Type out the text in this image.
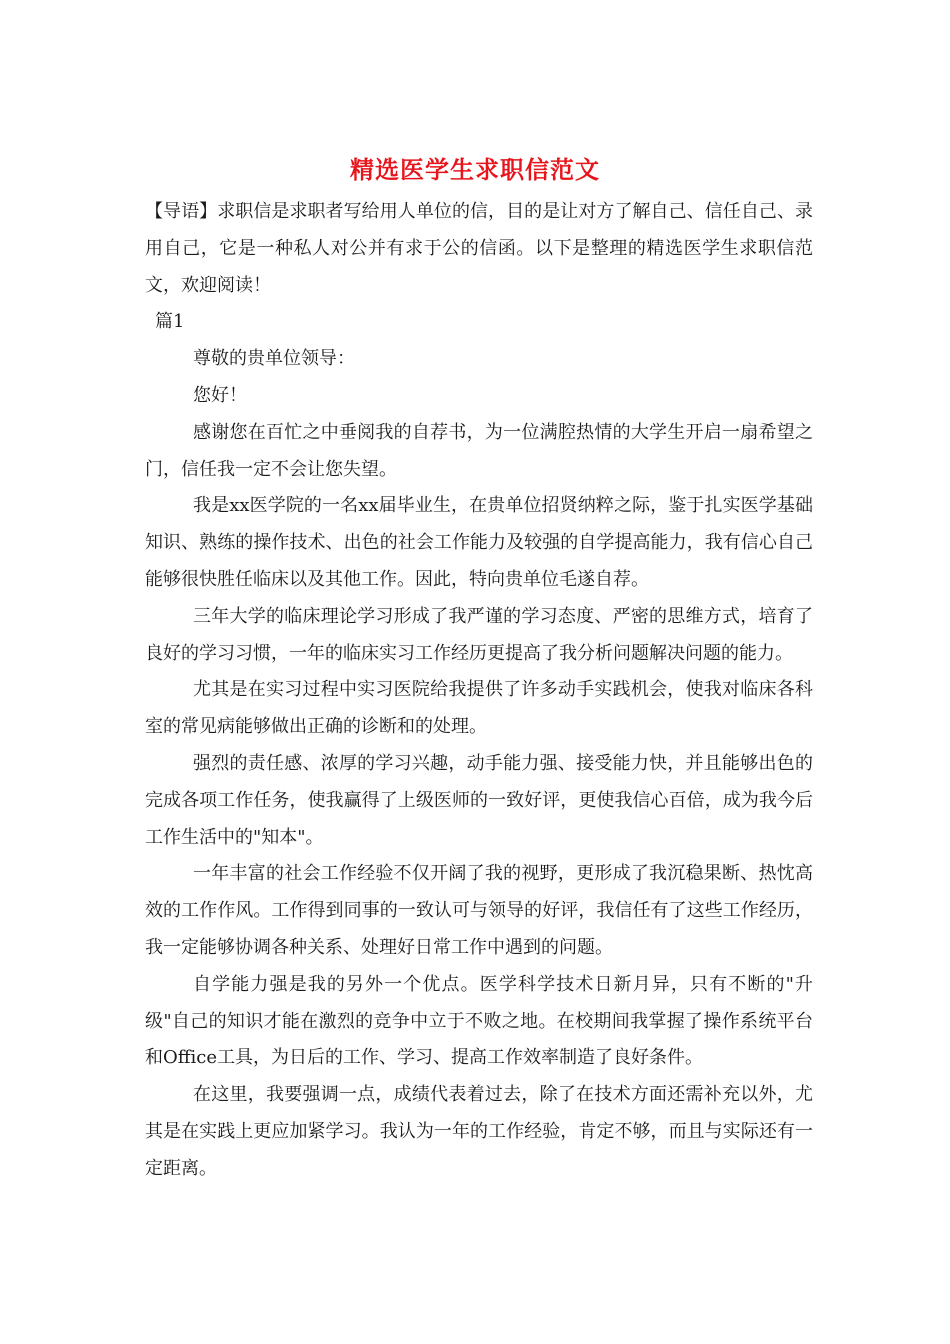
精选医学生求职信范文

【导语】求职信是求职者写给用人单位的信，目的是让对方了解自己、信任自己、录用自己，它是一种私人对公并有求于公的信函。以下是整理的精选医学生求职信范文，欢迎阅读！

篇1

尊敬的贵单位领导：

您好！

感谢您在百忙之中垂阅我的自荐书，为一位满腔热情的大学生开启一扇希望之门，信任我一定不会让您失望。

我是xx医学院的一名xx届毕业生，在贵单位招贤纳粹之际，鉴于扎实医学基础知识、熟练的操作技术、出色的社会工作能力及较强的自学提高能力，我有信心自己能够很快胜任临床以及其他工作。因此，特向贵单位毛遂自荐。

三年大学的临床理论学习形成了我严谨的学习态度、严密的思维方式，培育了良好的学习习惯，一年的临床实习工作经历更提高了我分析问题解决问题的能力。

尤其是在实习过程中实习医院给我提供了许多动手实践机会，使我对临床各科室的常见病能够做出正确的诊断和的处理。

强烈的责任感、浓厚的学习兴趣，动手能力强、接受能力快，并且能够出色的完成各项工作任务，使我赢得了上级医师的一致好评，更使我信心百倍，成为我今后工作生活中的"知本"。

一年丰富的社会工作经验不仅开阔了我的视野，更形成了我沉稳果断、热忱高效的工作作风。工作得到同事的一致认可与领导的好评，我信任有了这些工作经历，我一定能够协调各种关系、处理好日常工作中遇到的问题。

自学能力强是我的另外一个优点。医学科学技术日新月异，只有不断的"升级"自己的知识才能在激烈的竞争中立于不败之地。在校期间我掌握了操作系统平台和Office工具，为日后的工作、学习、提高工作效率制造了良好条件。

在这里，我要强调一点，成绩代表着过去，除了在技术方面还需补充以外，尤其是在实践上更应加紧学习。我认为一年的工作经验，肯定不够，而且与实际还有一定距离。
